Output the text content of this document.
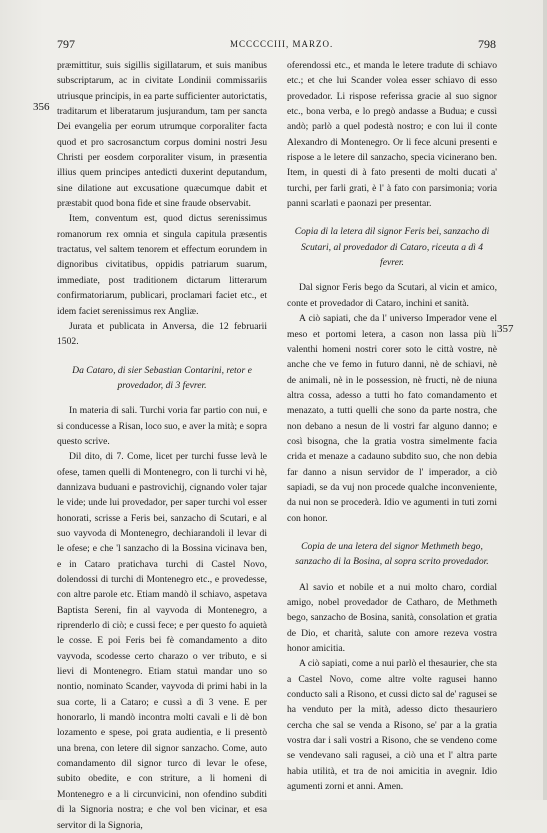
797	MCCCCCIII, MARZO.	798
356
357

præmittitur, suis sigillis sigillatarum, et suis manibus subscriptarum, ac in civitate Londinii commissariis utriusque principis, in ea parte sufficienter autorictatis, traditarum et liberatarum jusjurandum, tam per sancta Dei evangelia per eorum utrumque corporaliter facta quod et pro sacrosanctum corpus domini nostri Jesu Christi per eosdem corporaliter visum, in præsentia illius quem principes antedicti duxerint deputandum, sine dilatione aut excusatione quæcumque dabit et præstabit quod bona fide et sine fraude observabit.

Item, conventum est, quod dictus serenissimus romanorum rex omnia et singula capitula præsentis tractatus, vel saltem tenorem et effectum eorundem in dignoribus civitatibus, oppidis patriarum suarum, immediate, post traditionem dictarum litterarum confirmatoriarum, publicari, proclamari faciet etc., et idem faciet serenissimus rex Angliæ.

Jurata et publicata in Anversa, die 12 februarii 1502.

Da Cataro, di sier Sebastian Contarini, retor e provedador, di 3 fevrer.

In materia di sali. Turchi voria far partio con nui, e si conducesse a Risan, loco suo, e aver la mità; e sopra questo scrive.

Dil dito, di 7. Come, licet per turchi fusse levà le ofese, tamen quelli di Montenegro, con li turchi vi hè, dannizava buduani e pastrovichij, cignando voler tajar le vide; unde lui provedador, per saper turchi vol esser honorati, scrisse a Feris bei, sanzacho di Scutari, e al suo vayvoda di Montenegro, dechiarandoli il levar di le ofese; e che 'l sanzacho di la Bossina vicinava ben, e in Cataro pratichava turchi di Castel Novo, dolendossi di turchi di Montenegro etc., e provedesse, con altre parole etc. Etiam mandò il schiavo, aspetava Baptista Sereni, fin al vayvoda di Montenegro, a riprenderlo di ciò; e cussi fece; e per questo fo aquietà le cosse. E poi Feris bei fè comandamento a dito vayvoda, scodesse certo charazo o ver tributo, e si lievi di Montenegro. Etiam statuì mandar uno so nontio, nominato Scander, vayvoda di primi habi in la sua corte, li a Cataro; e cussì a dì 3 vene. E per honorarlo, li mandò incontra molti cavali e li dè bon lozamento e spese, poi grata audientia, e li presentò una brena, con letere dil signor sanzacho. Come, auto comandamento dil signor turco di levar le ofese, subito obedite, e con striture, a li homeni di Montenegro e a li circunvicini, non ofendino subditi di la Signoria nostra; e che vol ben vicinar, et esa servitor di la Signoria,

oferendossi etc., et manda le letere tradute di schiavo etc.; et che lui Scander volea esser schiavo di esso provedador. Li rispose referissa gracie al suo signor etc., bona verba, e lo pregò andasse a Budua; e cussì andò; parlò a quel podestà nostro; e con lui il conte Alexandro di Montenegro. Or li fece alcuni presenti e rispose a le letere dil sanzacho, specia vicinerano ben. Item, in questi di à fato presenti de molti ducati a' turchi, per farli grati, è l' à fato con parsimonia; voria panni scarlati e paonazi per presentar.

Copia di la letera dil signor Feris bei, sanzacho di Scutari, al provedador di Cataro, riceuta a dì 4 fevrer.

Dal signor Feris bego da Scutari, al vicin et amico, conte et provedador di Cataro, inchini et sanità.

A ciò sapiati, che da l' universo Imperador vene el meso et portomi letera, a cason non lassa più li valenthi homeni nostri corer soto le città vostre, nè anche che ve femo in futuro danni, nè de schiavi, nè de animali, nè in le possession, nè fructi, nè de niuna altra cossa, adesso a tutti ho fato comandamento et menazato, a tutti quelli che sono da parte nostra, che non debano a nesun de li vostri far alguno danno; e così bisogna, che la gratia vostra simelmente facia crida et menaze a cadauno subdito suo, che non debia far danno a nisun servidor de l' imperador, a ciò sapiadi, se da vuj non procede qualche inconveniente, da nui non se procederà. Idio ve agumenti in tuti zorni con honor.

Copia de una letera del signor Methmeth bego, sanzacho di la Bosina, al sopra scrito provedador.

Al savio et nobile et a nui molto charo, cordial amigo, nobel provedador de Catharo, de Methmeth bego, sanzacho de Bosina, sanità, consolation et gratia de Dio, et charità, salute con amore rezeva vostra honor amicitia.

A ciò sapiati, come a nui parlò el thesaurier, che sta a Castel Novo, come altre volte ragusei hanno conducto sali a Risono, et cussi dicto sal de' ragusei se ha venduto per la mità, adesso dicto thesauriero cercha che sal se venda a Risono, se' par a la gratia vostra dar i sali vostri a Risono, che se vendeno come se vendevano sali ragusei, a ciò una et l' altra parte habia utilità, et tra de noi amicitia in avegnir. Idio agumenti zorni et anni. Amen.
